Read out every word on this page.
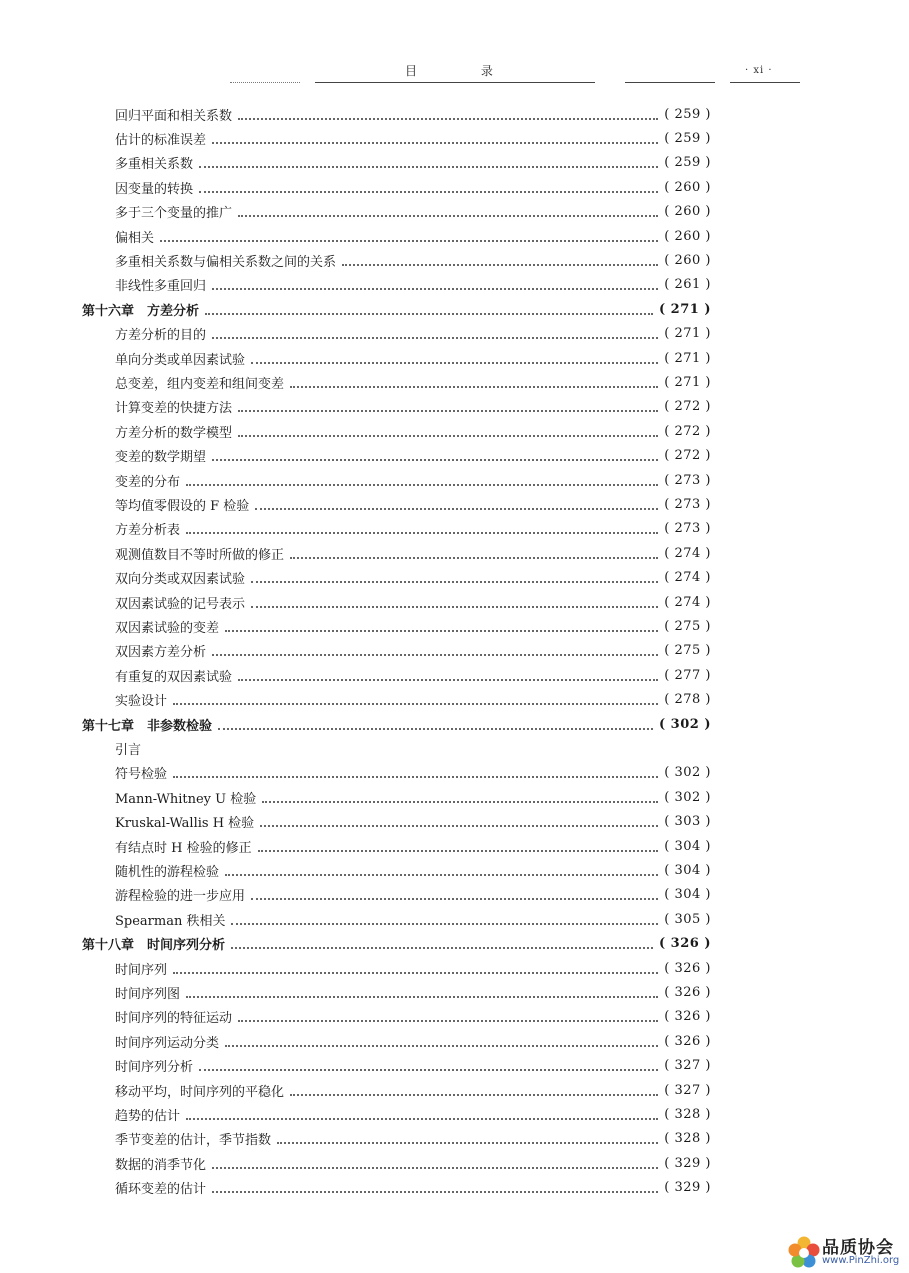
目 录	· xi ·
回归平面和相关系数	( 259 )
估计的标准误差	( 259 )
多重相关系数	( 259 )
因变量的转换	( 260 )
多于三个变量的推广	( 260 )
偏相关	( 260 )
多重相关系数与偏相关系数之间的关系	( 260 )
非线性多重回归	( 261 )
第十六章　方差分析	( 271 )
方差分析的目的	( 271 )
单向分类或单因素试验	( 271 )
总变差，组内变差和组间变差	( 271 )
计算变差的快捷方法	( 272 )
方差分析的数学模型	( 272 )
变差的数学期望	( 272 )
变差的分布	( 273 )
等均值零假设的 F 检验	( 273 )
方差分析表	( 273 )
观测值数目不等时所做的修正	( 274 )
双向分类或双因素试验	( 274 )
双因素试验的记号表示	( 274 )
双因素试验的变差	( 275 )
双因素方差分析	( 275 )
有重复的双因素试验	( 277 )
实验设计	( 278 )
第十七章　非参数检验	( 302 )
引言
符号检验	( 302 )
Mann-Whitney U 检验	( 302 )
Kruskal-Wallis H 检验	( 303 )
有结点时 H 检验的修正	( 304 )
随机性的游程检验	( 304 )
游程检验的进一步应用	( 304 )
Spearman 秩相关	( 305 )
第十八章　时间序列分析	( 326 )
时间序列	( 326 )
时间序列图	( 326 )
时间序列的特征运动	( 326 )
时间序列运动分类	( 326 )
时间序列分析	( 327 )
移动平均，时间序列的平稳化	( 327 )
趋势的估计	( 328 )
季节变差的估计，季节指数	( 328 )
数据的消季节化	( 329 )
循环变差的估计	( 329 )
品质协会
www.PinZhi.org
